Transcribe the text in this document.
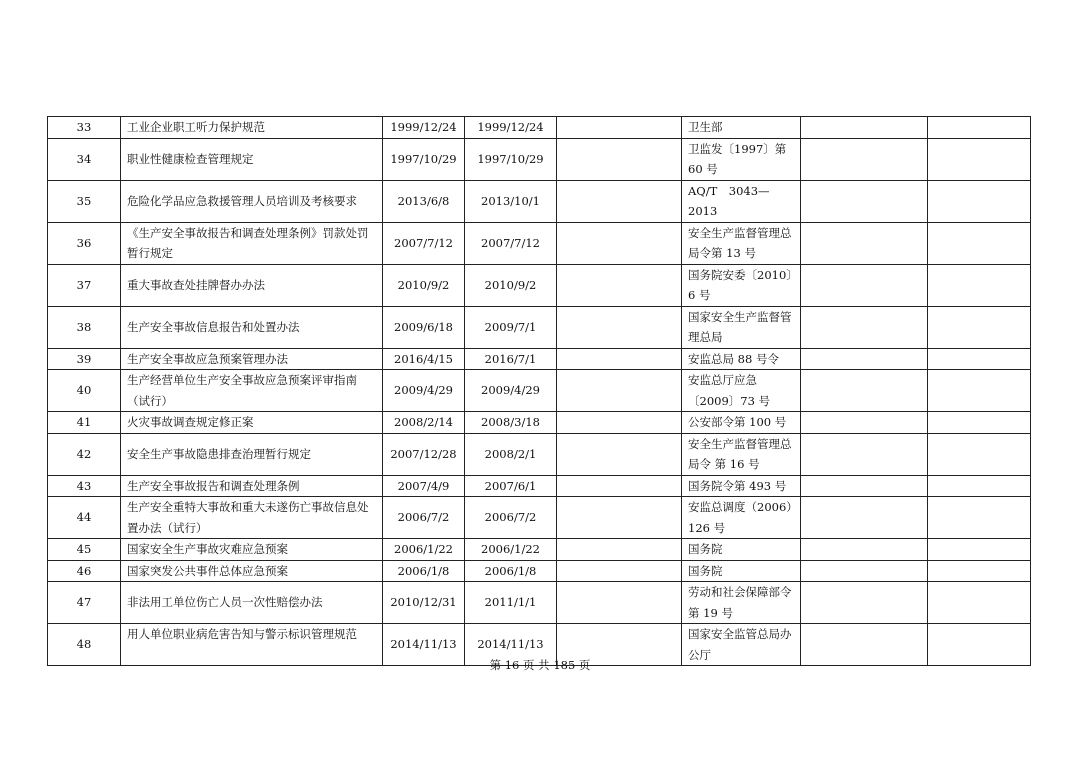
33	工业企业职工听力保护规范	1999/12/24	1999/12/24		卫生部		
34	职业性健康检查管理规定	1997/10/29	1997/10/29		卫监发〔1997〕第 60 号		
35	危险化学品应急救援管理人员培训及考核要求	2013/6/8	2013/10/1		AQ/T　3043—2013		
36	《生产安全事故报告和调查处理条例》罚款处罚暂行规定	2007/7/12	2007/7/12		安全生产监督管理总局令第 13 号		
37	重大事故查处挂牌督办办法	2010/9/2	2010/9/2		国务院安委〔2010〕6 号		
38	生产安全事故信息报告和处置办法	2009/6/18	2009/7/1		国家安全生产监督管理总局		
39	生产安全事故应急预案管理办法	2016/4/15	2016/7/1		安监总局 88 号令		
40	生产经营单位生产安全事故应急预案评审指南（试行）	2009/4/29	2009/4/29		安监总厅应急〔2009〕73 号		
41	火灾事故调查规定修正案	2008/2/14	2008/3/18		公安部令第 100 号		
42	安全生产事故隐患排查治理暂行规定	2007/12/28	2008/2/1		安全生产监督管理总局令 第 16 号		
43	生产安全事故报告和调查处理条例	2007/4/9	2007/6/1		国务院令第 493 号		
44	生产安全重特大事故和重大未遂伤亡事故信息处置办法（试行）	2006/7/2	2006/7/2		安监总调度（2006）126 号		
45	国家安全生产事故灾难应急预案	2006/1/22	2006/1/22		国务院		
46	国家突发公共事件总体应急预案	2006/1/8	2006/1/8		国务院		
47	非法用工单位伤亡人员一次性赔偿办法	2010/12/31	2011/1/1		劳动和社会保障部令第 19 号		
48	用人单位职业病危害告知与警示标识管理规范	2014/11/13	2014/11/13		国家安全监管总局办公厅		
第 16 页 共 185 页
